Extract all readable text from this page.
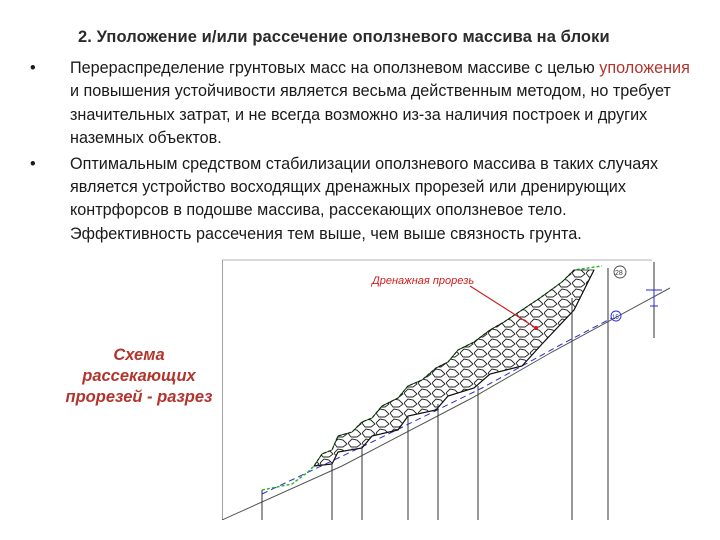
2. Уположение и/или рассечение оползневого массива на блоки
• Перераспределение грунтовых масс на оползневом массиве с целью уположения и повышения устойчивости является весьма действенным методом, но требует значительных затрат, и не всегда возможно из-за наличия построек и других наземных объектов.
• Оптимальным средством стабилизации оползневого массива в таких случаях является устройство восходящих дренажных прорезей или дренирующих контрфорсов в подошве массива, рассекающих оползневое тело. Эффективность рассечения тем выше, чем выше связность грунта.
Схема рассекающих прорезей - разрез
Дренажная прорезь
28
15
